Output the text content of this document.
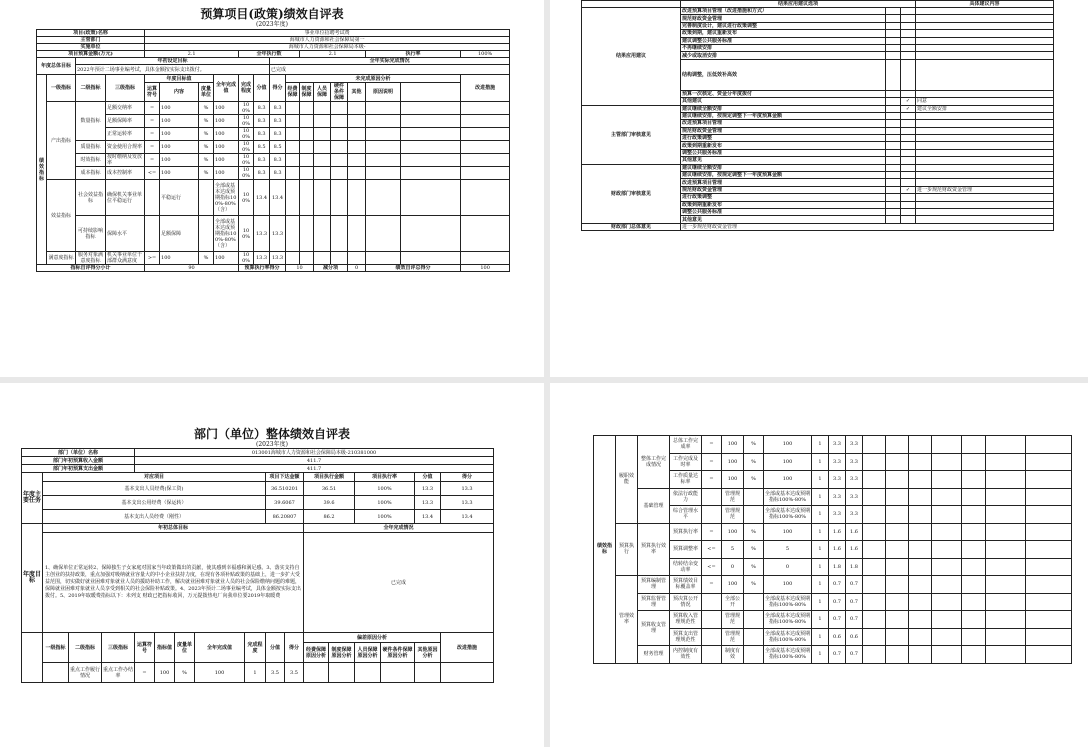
预算项目(政策)绩效自评表
(2023年度)
项目(政策)名称				事业单位招聘考试费														
主管部门				海城市人力资源和社会保障局第一														
实施单位				海城市人力资源和社会保障局本级-														
项目预算金额(万元)				2.1				全年执行数				2.1				执行率		100%
年度总体目标		年初设定目标								全年实际完成情况								
		2022年预计二场事业编考试，具体金额按实际支出拨付。								已完成								
绩效指标	一级指标	二级指标	三级指标	年度目标值			全年完成值	完成程度	分值	得分	未完成原因分析							改进措施
				运算符号	内容	度量单位					经费保障	制度保障	人员保障	硬件条件保障	其他	原因说明		
	产出指标	数量指标	足额交纳率	=	100	%	100	100%	8.3	8.3								
			足额保障率	=	100	%	100	100%	8.3	8.3								
			正常运转率	=	100	%	100	100%	8.3	8.3								
		质量指标	资金使用合规率	=	100	%	100	100%	8.5	8.5								
		时效指标	按时缴纳及发放率	=	100	%	100	100%	8.3	8.3								
		成本指标	成本控制率	<=	100	%	100	100%	8.3	8.3								
	效益指标	社会效益指标	确保机关事业单位平稳运行		平稳运行		全部或基本达成预期指标100%-80%（含）	100%	13.4	13.4								
		可持续影响指标	保障水平		足额保障		全部或基本达成预期指标100%-80%（含）	100%	13.3	13.3								
	满意度指标	服务对象满意度指标	机关事业单位干部群众满意度	>=	100	%	100	100%	13.3	13.3								
指标自评得分小计				90				预算执行率得分			10		减分项		0	绩效自评总得分		100
	结果应用建议选项			具体建议内容
结果应用建议	改进预算项目管理（改进措施和方式）			
	规范财政资金管理			
	完善制度设计，建议进行政策调整			
	政策到期，建议重新发布			
	建议调整公共服务标准			
	不再继续安排			
	减少或取消安排			
	结构调整，压低效补高效			
	预算一次核定、资金分年度拨付			
	其他建议		✓	同意
主管部门审核意见	建议继续全额安排		✓	建议全额安排
	建议继续安排，按规定调整下一年度预算金额			
	改进预算项目管理			
	规范财政资金管理			
	进行政策调整			
	政策到期重新发布			
	调整公共服务标准			
	其他意见			
财政部门审核意见	建议继续全额安排			
	建议继续安排，按规定调整下一年度预算金额			
	改进预算项目管理			
	规范财政资金管理		✓	进一步规范财政资金管理
	进行政策调整			
	政策到期重新发布			
	调整公共服务标准			
	其他意见			
财政部门总体意见	进一步规范财政资金管理			
部门（单位）整体绩效自评表
(2023年度)
部门（单位）名称				013001海城市人力资源和社会保障局本级-210381000												
部门年初预算收入金额				411.7												
部门年初预算支出金额				411.7												
年度主要任务	对应项目								项目下达金额		项目执行金额		项目执行率		分值	得分
	基本支出人员经费(保工资)								36.510201		36.51		100%		13.3	13.3
	基本支出公用经费（保运转）								39.6067		39.6		100%		13.3	13.3
	基本支出人员经费（刚性）								86.20807		86.2		100%		13.4	13.4
年度目标	年初总体目标										全年完成情况					
	1、确保单位正常运转2、保障独生子女家庭对国家当年政策做出的贡献，使其感到幸福感和满足感。3、落实支持自主创业的扶持政策，重点加强对吸纳就业容量大的中小企业扶持力度，在现有各项补贴政策的基础上，进一步扩大受益范围，切实做好就业困难对象就业人员的援助补助工作，解决就业困难对象就业人员的社会保险缴纳问题的难题，保障就业困难对象就业人员享受到相关的社会保险补贴政策。4、2023年预计二场事业编考试，具体金额按实际支出拨付。5、2019年取暖费指标以下：未列支 财政已把指标收回，万元提拨热电厂向我单位要2019年取暖费										已完成					
	一级指标	二级指标	三级指标	运算符号	指标值	度量单位	全年完成值	完成程度	分值	得分	偏差原因分析					改进措施
											经费保障原因分析	制度保障原因分析	人员保障原因分析	硬件条件保障原因分析	其他原因分析	
		重点工作履行情况	重点工作办结率	=	100	%	100	1	3.5	3.5						
绩效指标	履职效能	整体工作完成情况	总体工作完成率	=	100	%	100	1	3.3	3.3							
			工作完成及时率	=	100	%	100	1	3.3	3.3							
			工作质量达标率	=	100	%	100	1	3.3	3.3							
		基础管理	依法行政能力		管理规范		全部或基本达成预期指标100%-80%	1	3.3	3.3							
			综合管理水平		管理规范		全部或基本达成预期指标100%-80%	1	3.3	3.3							
	预算执行	预算执行效率	预算执行率	=	100	%	100	1	1.6	1.6							
			预算调整率	<=	5	%	5	1	1.6	1.6							
			结转结余变动率	<=	0	%	0	1	1.8	1.8							
	管理效率	预算编制管理	预算绩效目标覆盖率	=	100	%	100	1	0.7	0.7							
		预算监督管理	预决算公开情况		全部公开		全部或基本达成预期指标100%-80%	1	0.7	0.7							
		预算收支管理	预算收入管理规范性		管理规范		全部或基本达成预期指标100%-80%	1	0.7	0.7							
			预算支出管理规范性		管理规范		全部或基本达成预期指标100%-80%	1	0.6	0.6							
		财务管理	内控制度有效性		制度有效		全部或基本达成预期指标100%-80%	1	0.7	0.7							
